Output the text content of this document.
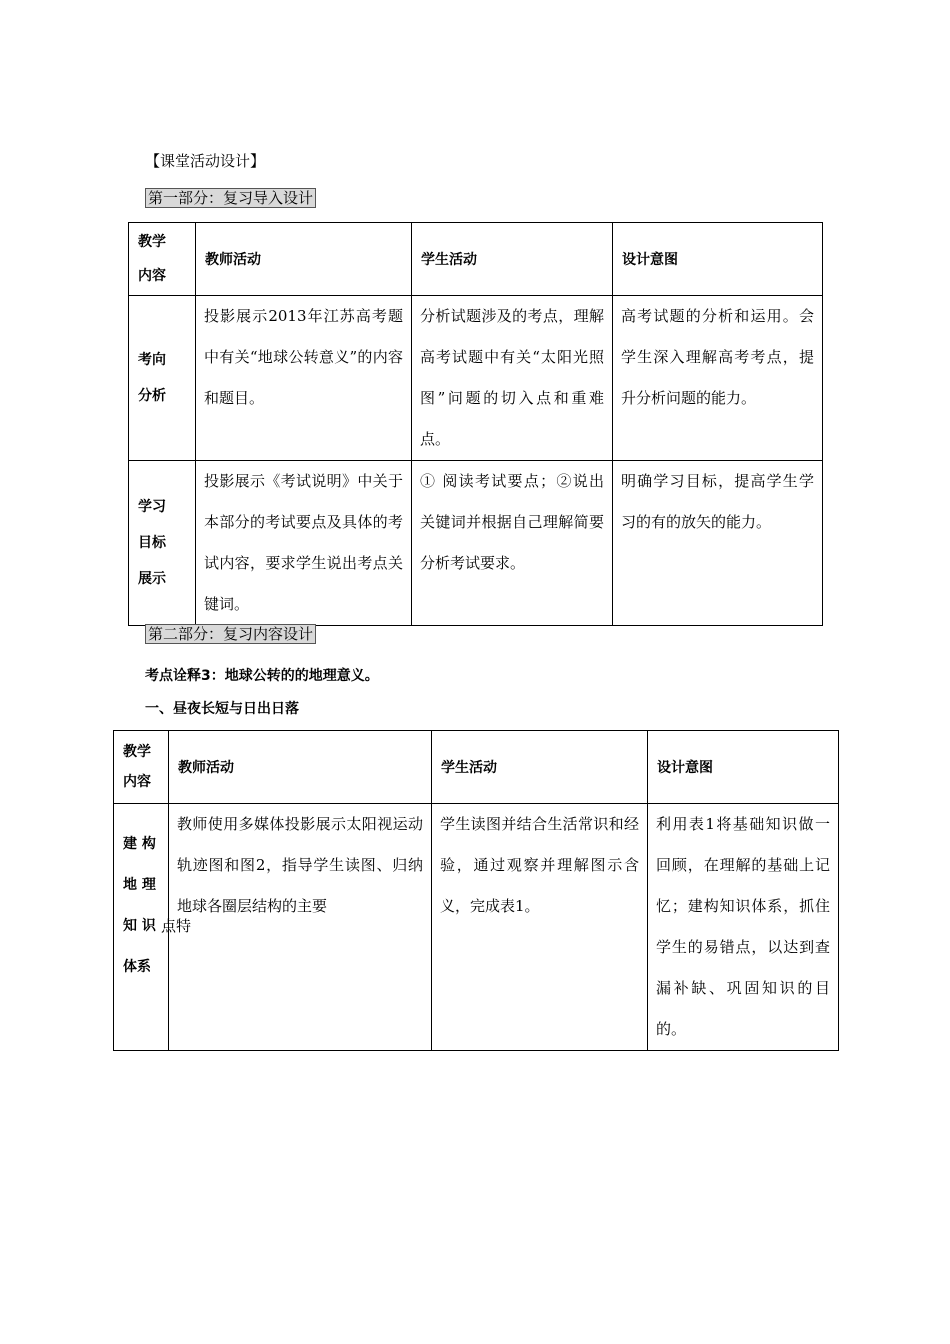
【课堂活动设计】
第一部分：复习导入设计
教学
内容	教师活动	学生活动	设计意图

考向
分析	投影展示2013年江苏高考题中有关“地球公转意义”的内容和题目。	分析试题涉及的考点，理解高考试题中有关“太阳光照图”问题的切入点和重难点。	高考试题的分析和运用。会学生深入理解高考考点，提升分析问题的能力。

学习
目标
展示	投影展示《考试说明》中关于本部分的考试要点及具体的考试内容，要求学生说出考点关键词。	① 阅读考试要点；②说出关键词并根据自己理解简要分析考试要求。	明确学习目标，提高学生学习的有的放矢的能力。
第二部分：复习内容设计
考点诠释3：地球公转的的地理意义。
一、昼夜长短与日出日落
教学
内容	教师活动	学生活动	设计意图

建 构
地 理
知 识 点特
体系	教师使用多媒体投影展示太阳视运动轨迹图和图2，指导学生读图、归纳地球各圈层结构的主要	学生读图并结合生活常识和经验，通过观察并理解图示含义，完成表1。	利用表1将基础知识做一回顾，在理解的基础上记忆；建构知识体系，抓住学生的易错点，以达到查漏补缺、巩固知识的目的。
